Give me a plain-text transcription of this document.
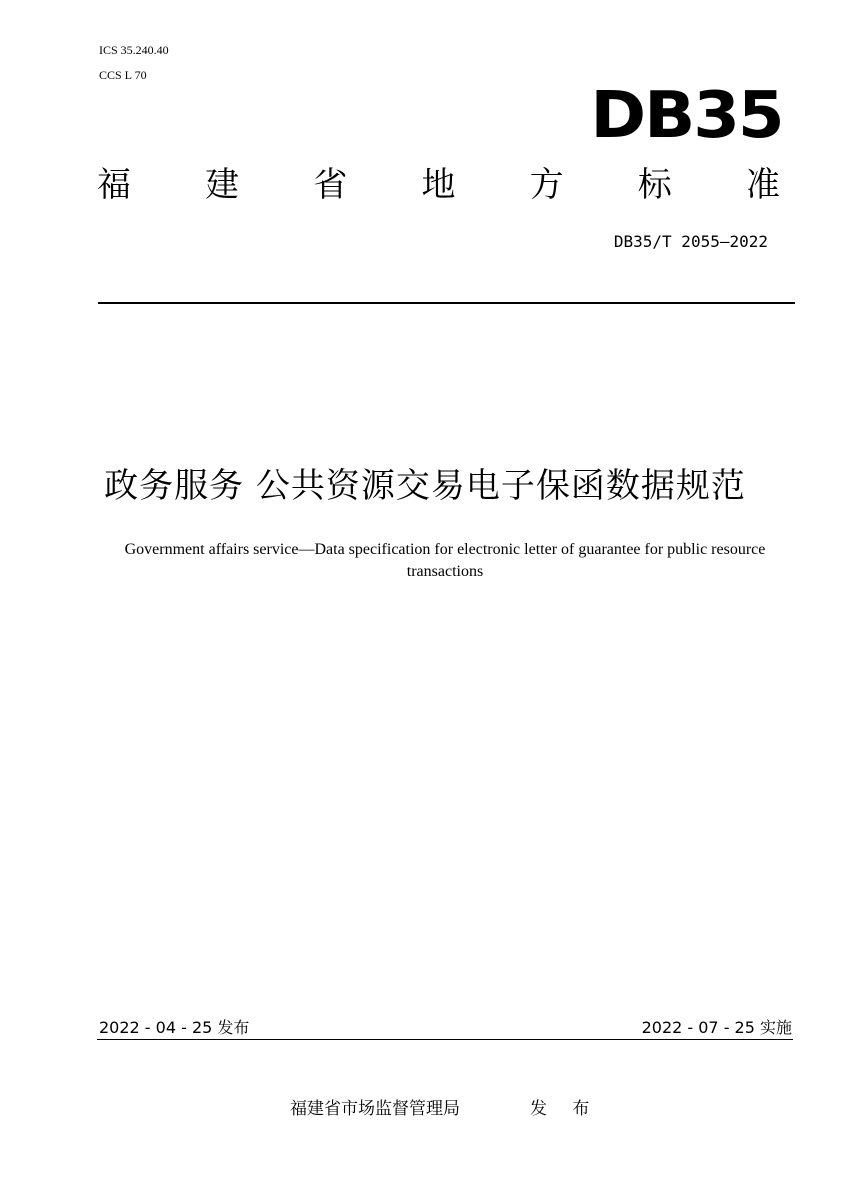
ICS 35.240.40
CCS L 70
DB35
福 建 省 地 方 标 准
DB35/T 2055—2022
政务服务 公共资源交易电子保函数据规范
Government affairs service—Data specification for electronic letter of guarantee for public resource transactions
2022 - 04 - 25 发布	2022 - 07 - 25 实施
福建省市场监督管理局	发 布
